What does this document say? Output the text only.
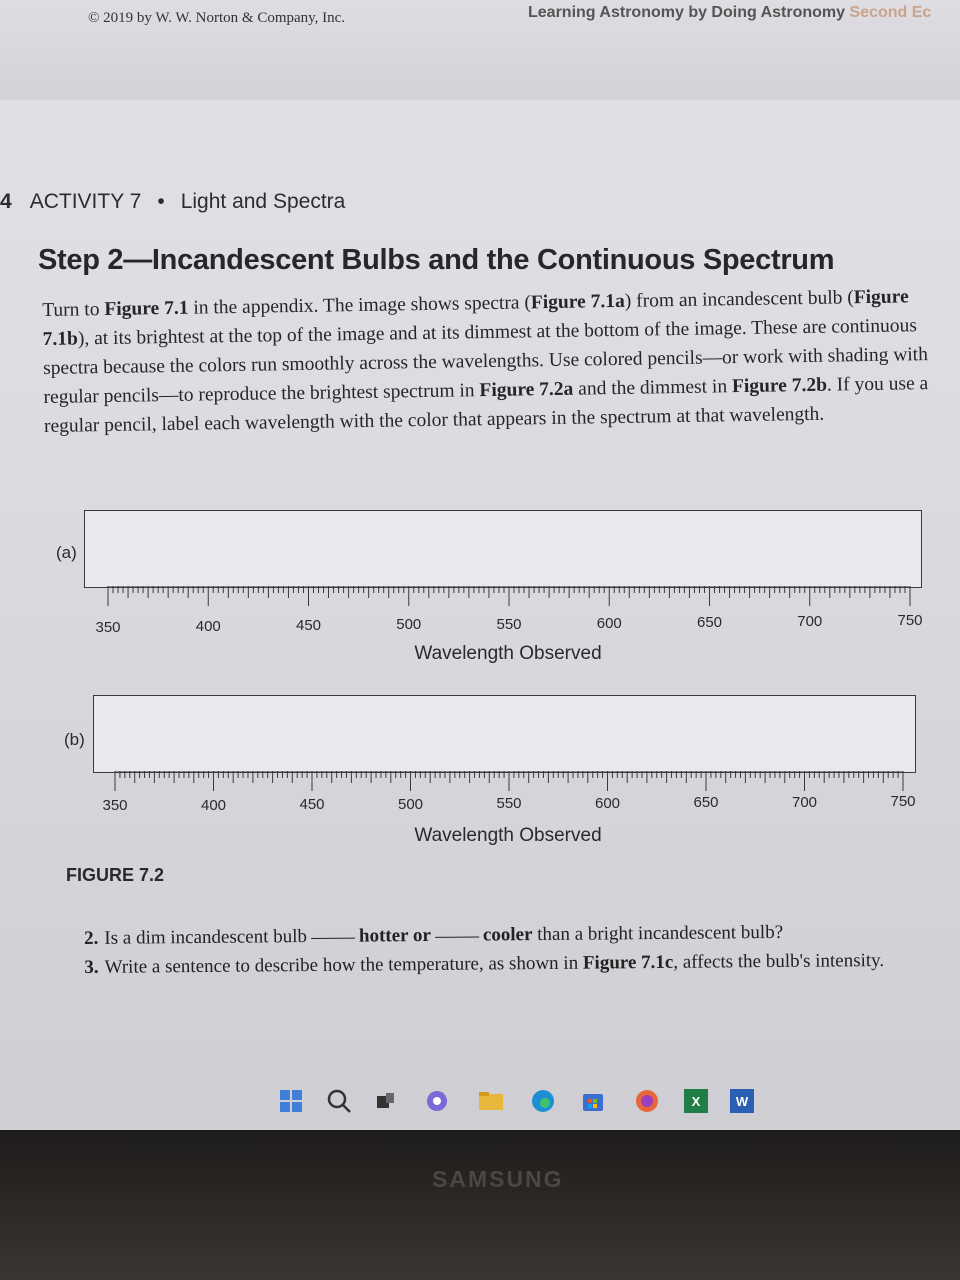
© 2019 by W. W. Norton & Company, Inc.	Learning Astronomy by Doing Astronomy Second Ec
4 ACTIVITY 7 • Light and Spectra
Step 2—Incandescent Bulbs and the Continuous Spectrum
Turn to Figure 7.1 in the appendix. The image shows spectra (Figure 7.1a) from an incandescent bulb (Figure 7.1b), at its brightest at the top of the image and at its dimmest at the bottom of the image. These are continuous spectra because the colors run smoothly across the wavelengths. Use colored pencils—or work with shading with regular pencils—to reproduce the brightest spectrum in Figure 7.2a and the dimmest in Figure 7.2b. If you use a regular pencil, label each wavelength with the color that appears in the spectrum at that wavelength.
(a)
350	400	450	500	550	600	650	700	750
Wavelength Observed
(b)
350	400	450	500	550	600	650	700	750
Wavelength Observed
FIGURE 7.2

2. Is a dim incandescent bulb	hotter or	cooler than a bright incandescent bulb?

3. Write a sentence to describe how the temperature, as shown in Figure 7.1c, affects the bulb's intensity.

X	W
SAMSUNG
